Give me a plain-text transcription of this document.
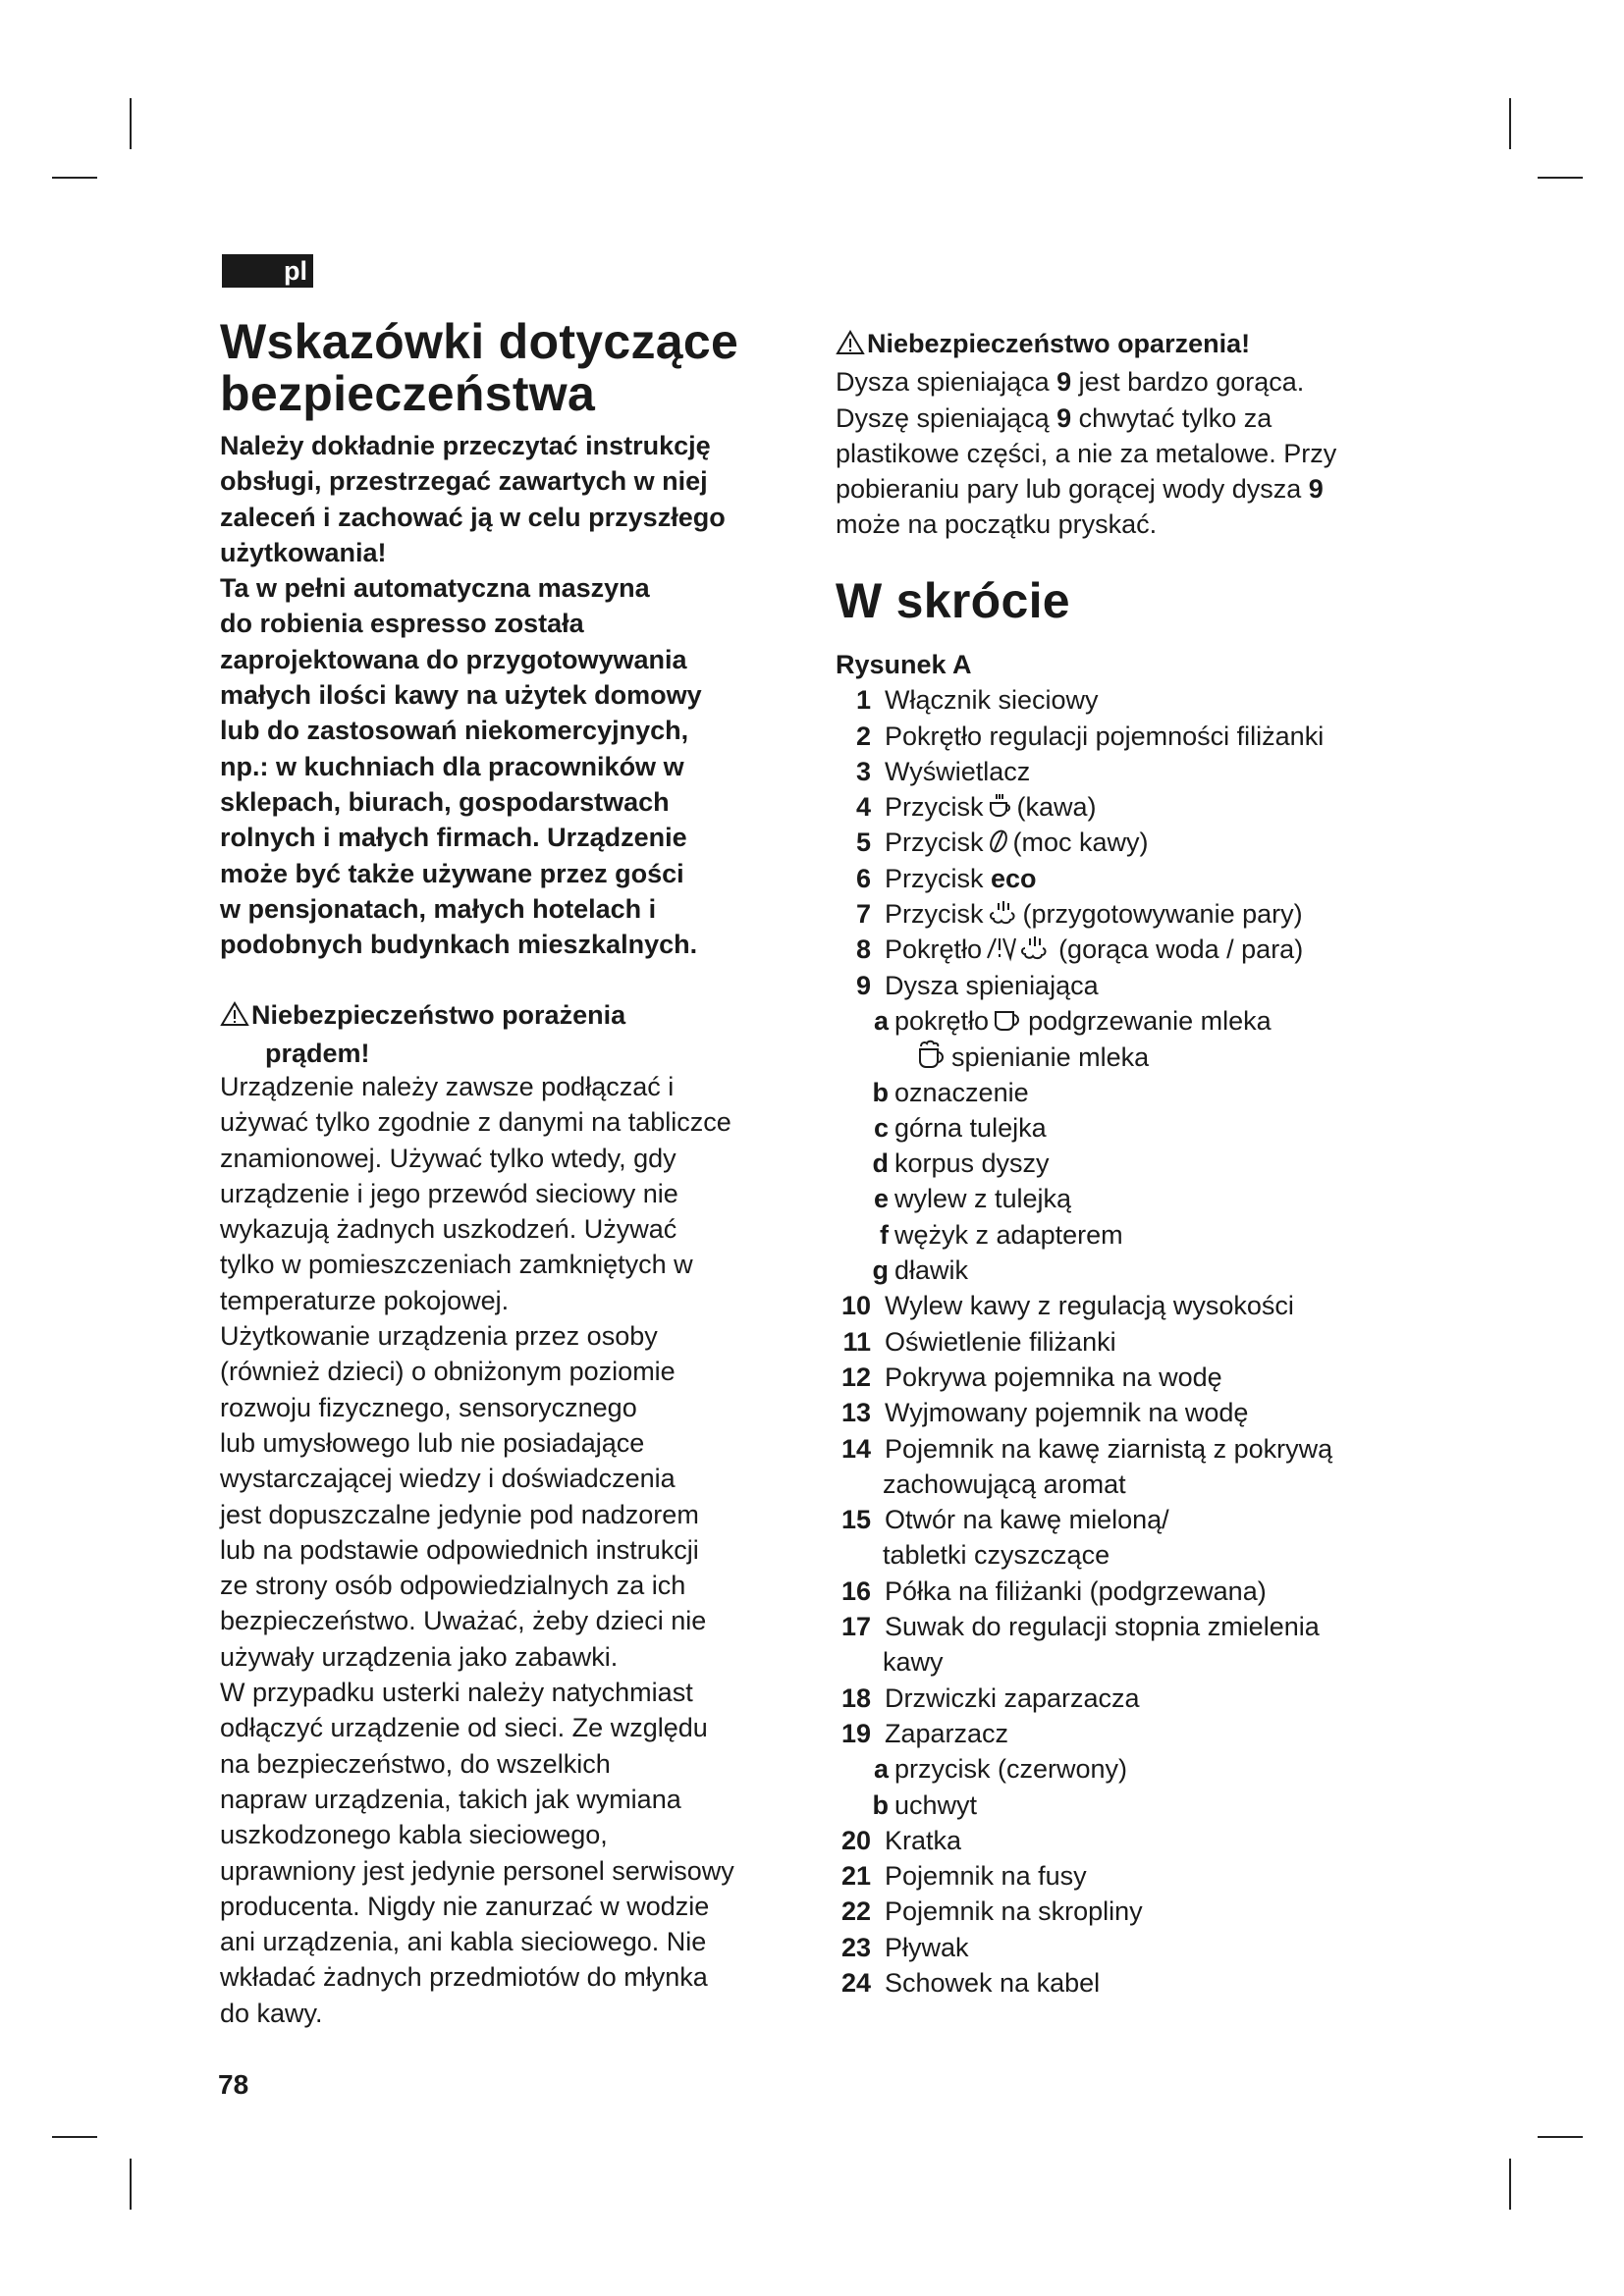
pl
Wskazówki dotyczące
bezpieczeństwa
Należy dokładnie przeczytać instrukcję
obsługi, przestrzegać zawartych w niej
zaleceń i zachować ją w celu przyszłego
użytkowania!
Ta w pełni automatyczna maszyna
do robienia espresso została
zaprojektowana do przygotowywania
małych ilości kawy na użytek domowy
lub do zastosowań niekomercyjnych,
np.: w kuchniach dla pracowników w
sklepach, biurach, gospodarstwach
rolnych i małych firmach. Urządzenie
może być także używane przez gości
w pensjonatach, małych hotelach i
podobnych budynkach mieszkalnych.
Niebezpieczeństwo porażenia
prądem!
Urządzenie należy zawsze podłączać i
używać tylko zgodnie z danymi na tabliczce
znamionowej. Używać tylko wtedy, gdy
urządzenie i jego przewód sieciowy nie
wykazują żadnych uszkodzeń. Używać
tylko w pomieszczeniach zamkniętych w
temperaturze pokojowej.
Użytkowanie urządzenia przez osoby
(również dzieci) o obniżonym poziomie
rozwoju fizycznego, sensorycznego
lub umysłowego lub nie posiadające
wystarczającej wiedzy i doświadczenia
jest dopuszczalne jedynie pod nadzorem
lub na podstawie odpowiednich instrukcji
ze strony osób odpowiedzialnych za ich
bezpieczeństwo. Uważać, żeby dzieci nie
używały urządzenia jako zabawki.
W przypadku usterki należy natychmiast
odłączyć urządzenie od sieci. Ze względu
na bezpieczeństwo, do wszelkich
napraw urządzenia, takich jak wymiana
uszkodzonego kabla sieciowego,
uprawniony jest jedynie personel serwisowy
producenta. Nigdy nie zanurzać w wodzie
ani urządzenia, ani kabla sieciowego. Nie
wkładać żadnych przedmiotów do młynka
do kawy.
78
Niebezpieczeństwo oparzenia!
Dysza spieniająca 9 jest bardzo gorąca.
Dyszę spieniającą 9 chwytać tylko za
plastikowe części, a nie za metalowe. Przy
pobieraniu pary lub gorącej wody dysza 9
może na początku pryskać.
W skrócie
Rysunek A
1 Włącznik sieciowy
2 Pokrętło regulacji pojemności filiżanki
3 Wyświetlacz
4 Przycisk (kawa)
5 Przycisk (moc kawy)
6 Przycisk eco
7 Przycisk (przygotowywanie pary)
8 Pokrętło	(gorąca woda / para)
9 Dysza spieniająca
a pokrętło podgrzewanie mleka
spienianie mleka
b oznaczenie
c górna tulejka
d korpus dyszy
e wylew z tulejką
f wężyk z adapterem
g dławik
10 Wylew kawy z regulacją wysokości
11 Oświetlenie filiżanki
12 Pokrywa pojemnika na wodę
13 Wyjmowany pojemnik na wodę
14 Pojemnik na kawę ziarnistą z pokrywą
zachowującą aromat
15 Otwór na kawę mieloną/
tabletki czyszczące
16 Półka na filiżanki (podgrzewana)
17 Suwak do regulacji stopnia zmielenia
kawy
18 Drzwiczki zaparzacza
19 Zaparzacz
a przycisk (czerwony)
b uchwyt
20 Kratka
21 Pojemnik na fusy
22 Pojemnik na skropliny
23 Pływak
24 Schowek na kabel
